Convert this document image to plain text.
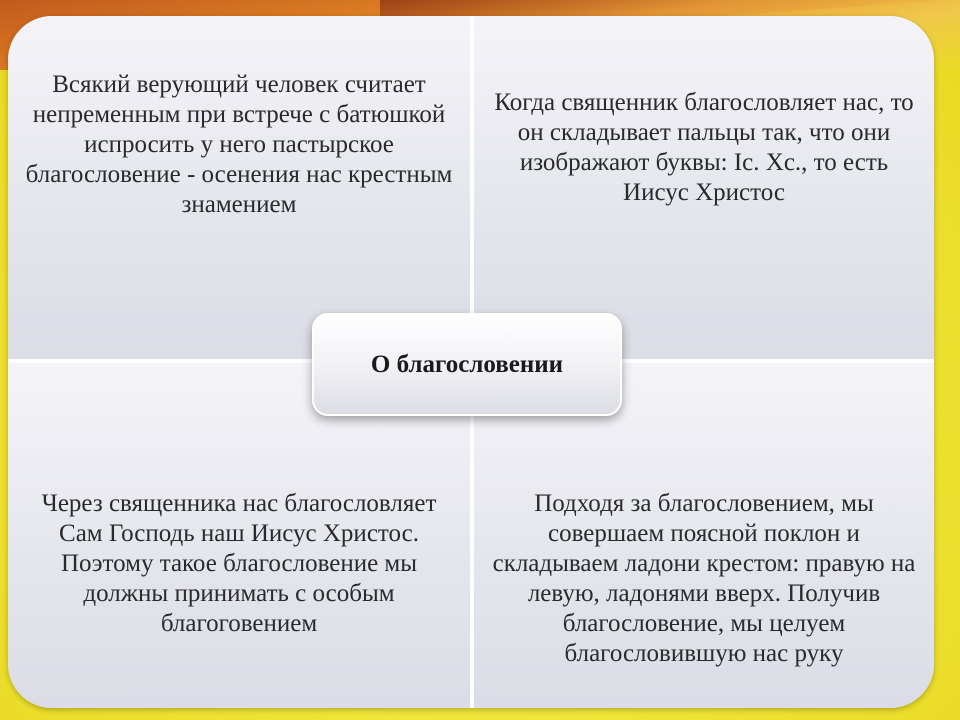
Всякий верующий человек считает непременным при встрече с батюшкой испросить у него пастырское благословение - осенения нас крестным знамением
Когда священник благословляет нас, то он складывает пальцы так, что они изображают буквы: Іс. Хс., то есть Иисус Христос
Через священника нас благословляет Сам Господь наш Иисус Христос. Поэтому такое благословение мы должны принимать с особым благоговением
Подходя за благословением, мы совершаем поясной поклон и складываем ладони крестом: правую на левую, ладонями вверх. Получив благословение, мы целуем благословившую нас руку
О благословении
